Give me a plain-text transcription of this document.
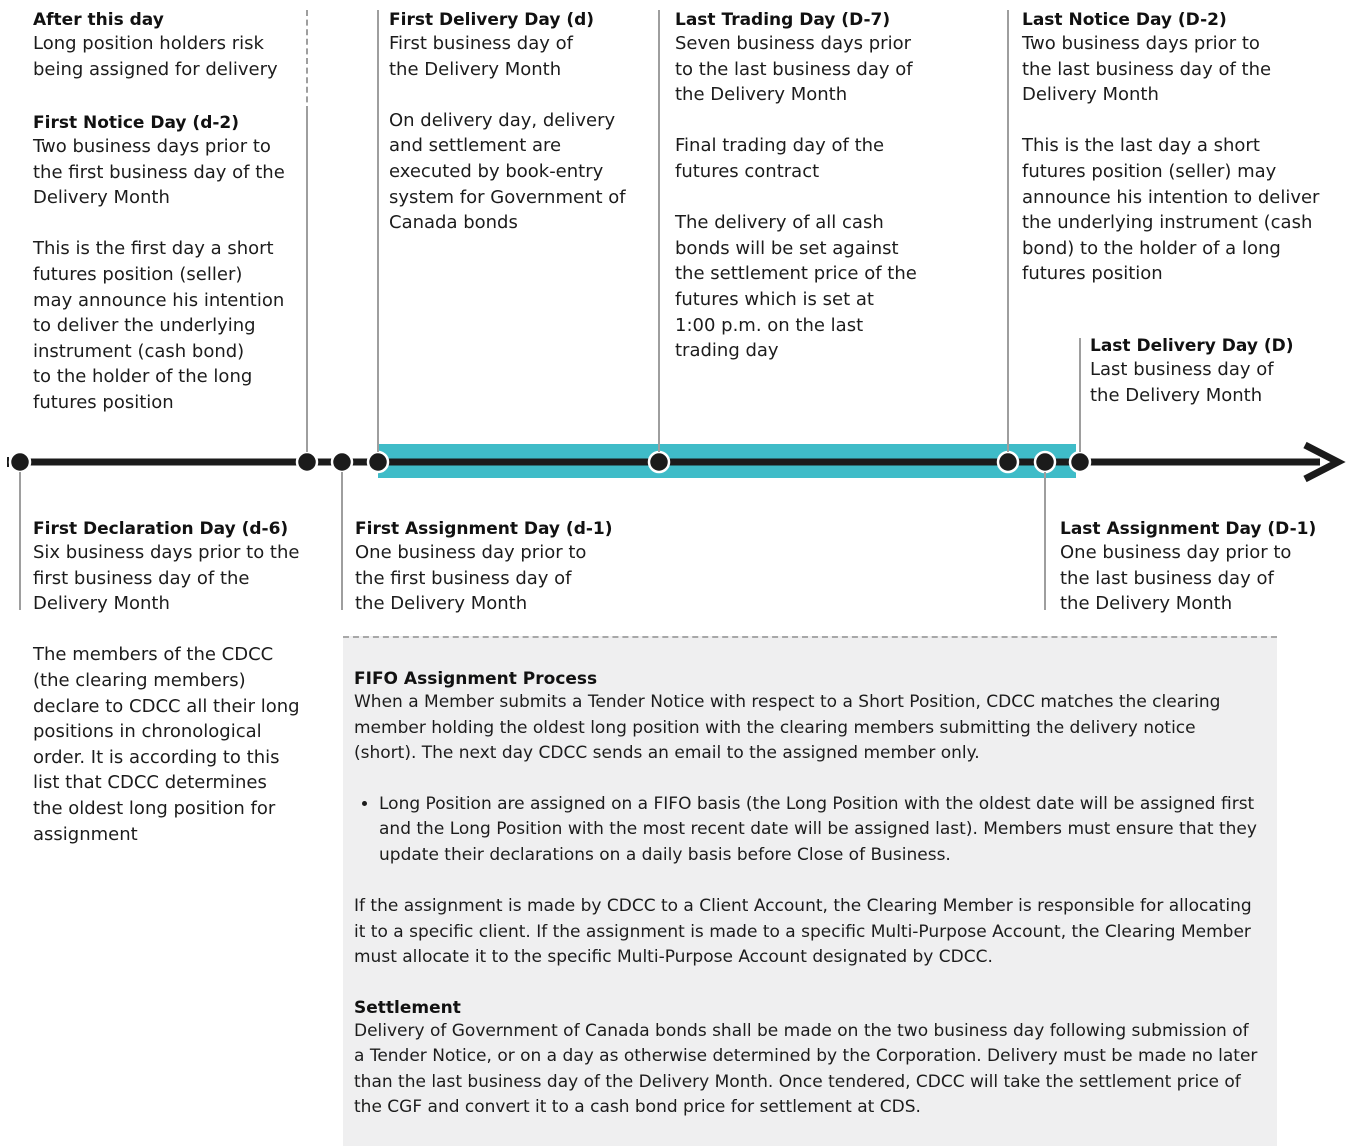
After this day

Long position holders risk
being assigned for delivery

First Notice Day (d-2)

Two business days prior to
the first business day of the
Delivery Month

This is the first day a short
futures position (seller)
may announce his intention
to deliver the underlying
instrument (cash bond)
to the holder of the long
futures position

First Delivery Day (d)

First business day of
the Delivery Month

On delivery day, delivery
and settlement are
executed by book-entry
system for Government of
Canada bonds

Last Trading Day (D-7)

Seven business days prior
to the last business day of
the Delivery Month

Final trading day of the
futures contract

The delivery of all cash
bonds will be set against
the settlement price of the
futures which is set at
1:00 p.m. on the last
trading day

Last Notice Day (D-2)

Two business days prior to
the last business day of the
Delivery Month

This is the last day a short
futures position (seller) may
announce his intention to deliver
the underlying instrument (cash
bond) to the holder of a long
futures position

Last Delivery Day (D)

Last business day of
the Delivery Month

First Declaration Day (d-6)

Six business days prior to the
first business day of the
Delivery Month

The members of the CDCC
(the clearing members)
declare to CDCC all their long
positions in chronological
order. It is according to this
list that CDCC determines
the oldest long position for
assignment

First Assignment Day (d-1)

One business day prior to
the first business day of
the Delivery Month

Last Assignment Day (D-1)

One business day prior to
the last business day of
the Delivery Month

FIFO Assignment Process

When a Member submits a Tender Notice with respect to a Short Position, CDCC matches the clearing member holding the oldest long position with the clearing members submitting the delivery notice (short). The next day CDCC sends an email to the assigned member only.

• Long Position are assigned on a FIFO basis (the Long Position with the oldest date will be assigned first and the Long Position with the most recent date will be assigned last). Members must ensure that they update their declarations on a daily basis before Close of Business.

If the assignment is made by CDCC to a Client Account, the Clearing Member is responsible for allocating it to a specific client. If the assignment is made to a specific Multi-Purpose Account, the Clearing Member must allocate it to the specific Multi-Purpose Account designated by CDCC.

Settlement

Delivery of Government of Canada bonds shall be made on the two business day following submission of a Tender Notice, or on a day as otherwise determined by the Corporation. Delivery must be made no later than the last business day of the Delivery Month. Once tendered, CDCC will take the settlement price of the CGF and convert it to a cash bond price for settlement at CDS.
